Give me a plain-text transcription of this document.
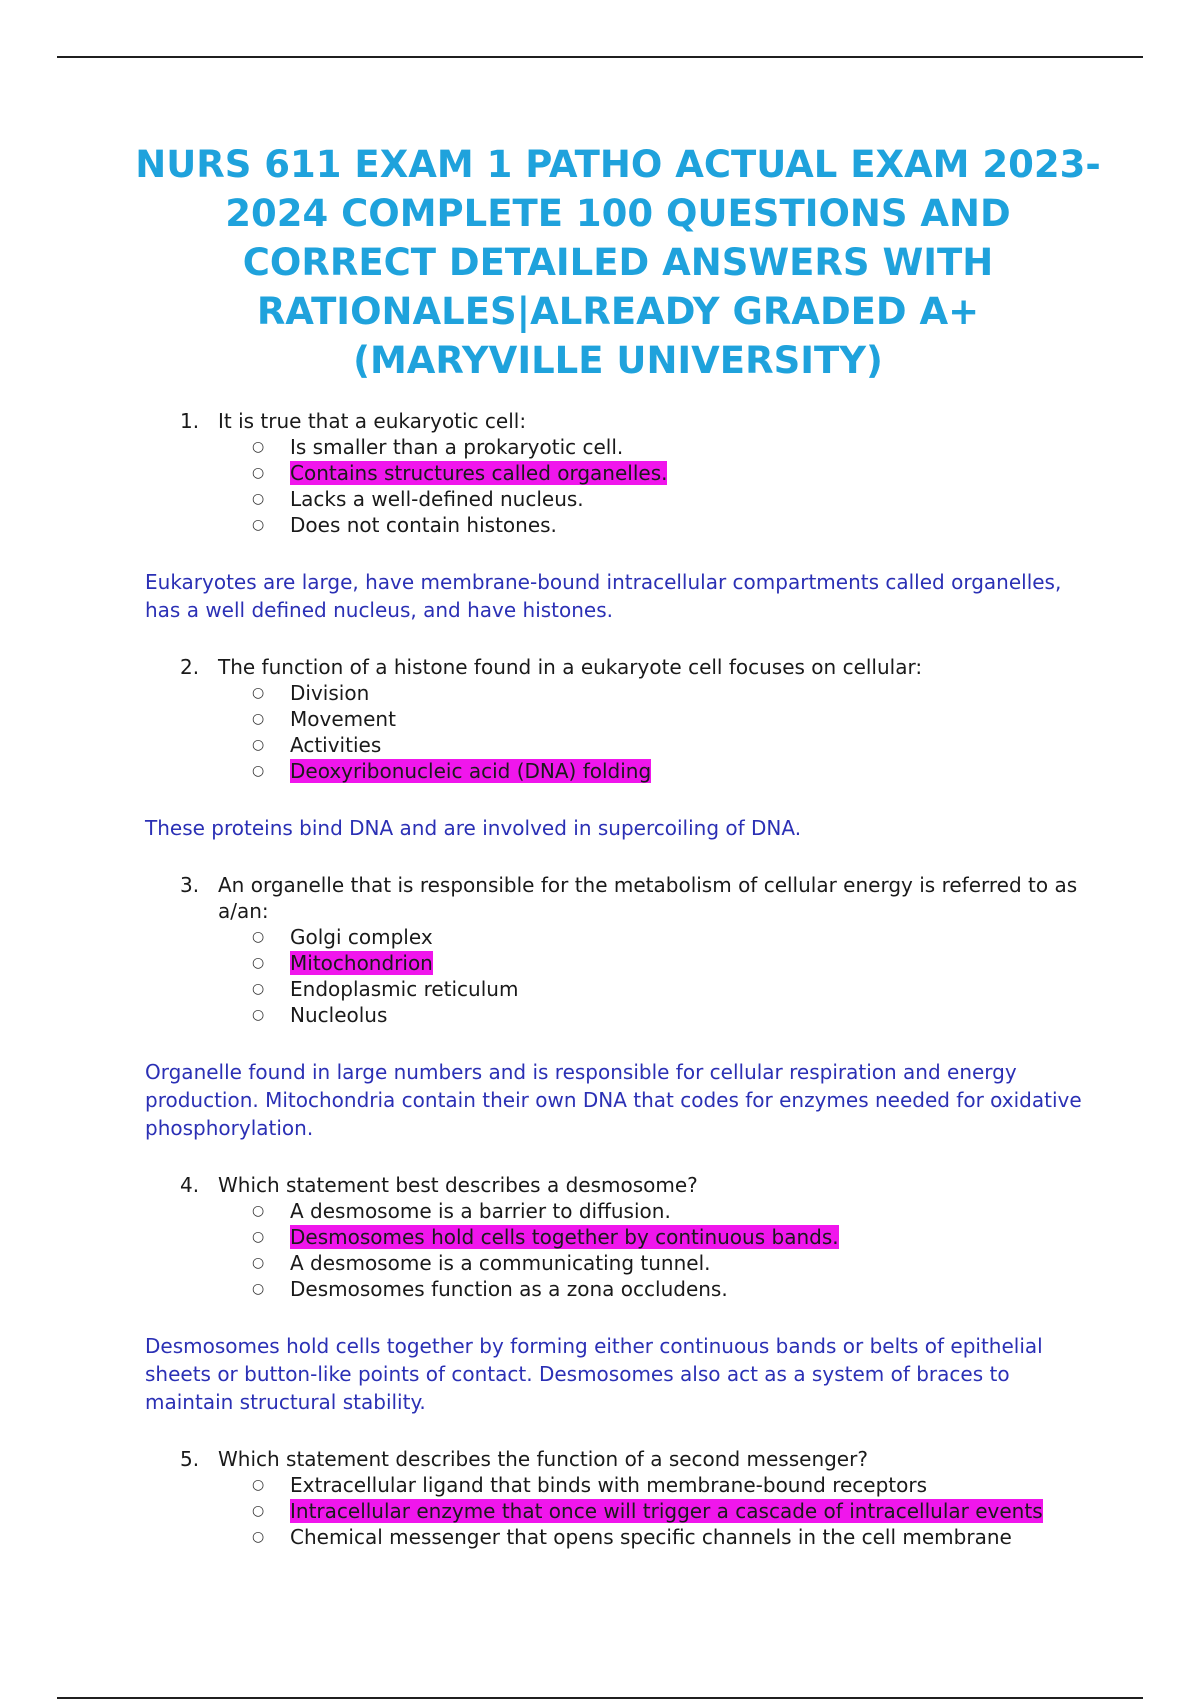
NURS 611 EXAM 1 PATHO ACTUAL EXAM 2023-
2024 COMPLETE 100 QUESTIONS AND
CORRECT DETAILED ANSWERS WITH
RATIONALES|ALREADY GRADED A+
(MARYVILLE UNIVERSITY)
1. It is true that a eukaryotic cell:
○ Is smaller than a prokaryotic cell.
○ Contains structures called organelles.
○ Lacks a well-defined nucleus.
○ Does not contain histones.
Eukaryotes are large, have membrane-bound intracellular compartments called organelles, has a well defined nucleus, and have histones.
2. The function of a histone found in a eukaryote cell focuses on cellular:
○ Division
○ Movement
○ Activities
○ Deoxyribonucleic acid (DNA) folding
These proteins bind DNA and are involved in supercoiling of DNA.
3. An organelle that is responsible for the metabolism of cellular energy is referred to as a/an:
○ Golgi complex
○ Mitochondrion
○ Endoplasmic reticulum
○ Nucleolus
Organelle found in large numbers and is responsible for cellular respiration and energy production. Mitochondria contain their own DNA that codes for enzymes needed for oxidative phosphorylation.
4. Which statement best describes a desmosome?
○ A desmosome is a barrier to diffusion.
○ Desmosomes hold cells together by continuous bands.
○ A desmosome is a communicating tunnel.
○ Desmosomes function as a zona occludens.
Desmosomes hold cells together by forming either continuous bands or belts of epithelial sheets or button-like points of contact. Desmosomes also act as a system of braces to maintain structural stability.
5. Which statement describes the function of a second messenger?
○ Extracellular ligand that binds with membrane-bound receptors
○ Intracellular enzyme that once will trigger a cascade of intracellular events
○ Chemical messenger that opens specific channels in the cell membrane
